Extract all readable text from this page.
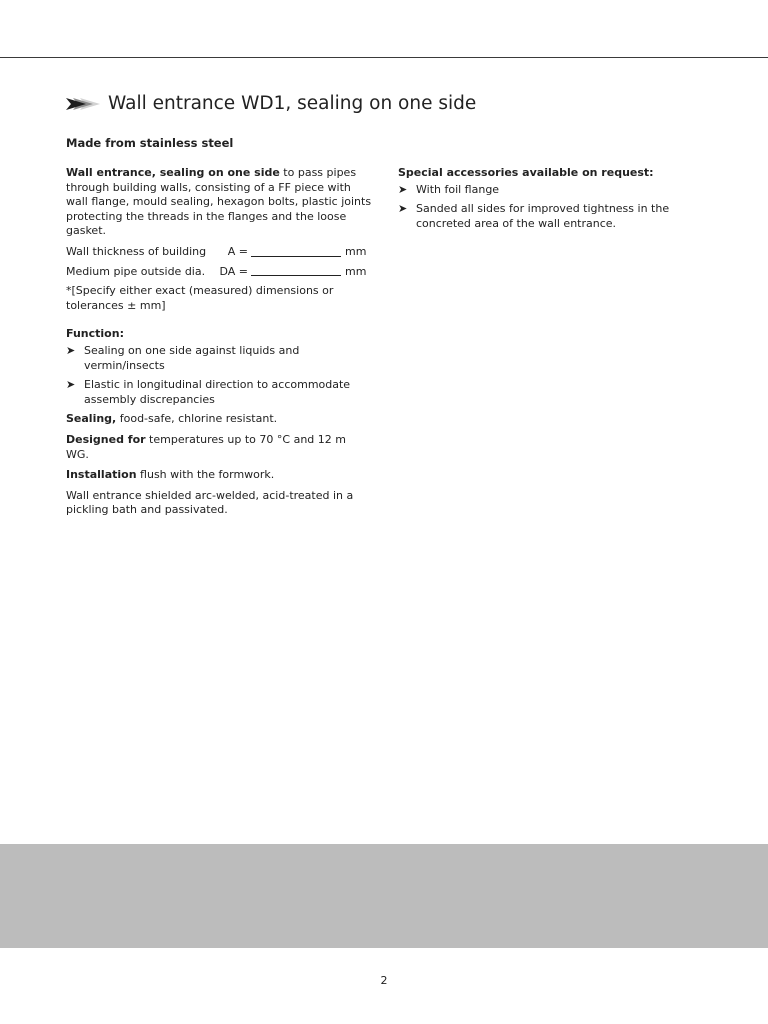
Wall entrance WD1, sealing on one side
Made from stainless steel

Wall entrance, sealing on one side to pass pipes through building walls, consisting of a FF piece with wall flange, mould sealing, hexagon bolts, plastic joints protecting the threads in the flanges and the loose gasket.

Wall thickness of building	A =	mm
Medium pipe outside dia.	DA =	mm

*[Specify either exact (measured) dimensions or tolerances ± mm]

Function:
➤ Sealing on one side against liquids and vermin/insects
➤ Elastic in longitudinal direction to accommodate assembly discrepancies

Sealing, food-safe, chlorine resistant.

Designed for temperatures up to 70 °C and 12 m WG.

Installation flush with the formwork.

Wall entrance shielded arc-welded, acid-treated in a pickling bath and passivated.

Special accessories available on request:
➤ With foil flange
➤ Sanded all sides for improved tightness in the concreted area of the wall entrance.
2
